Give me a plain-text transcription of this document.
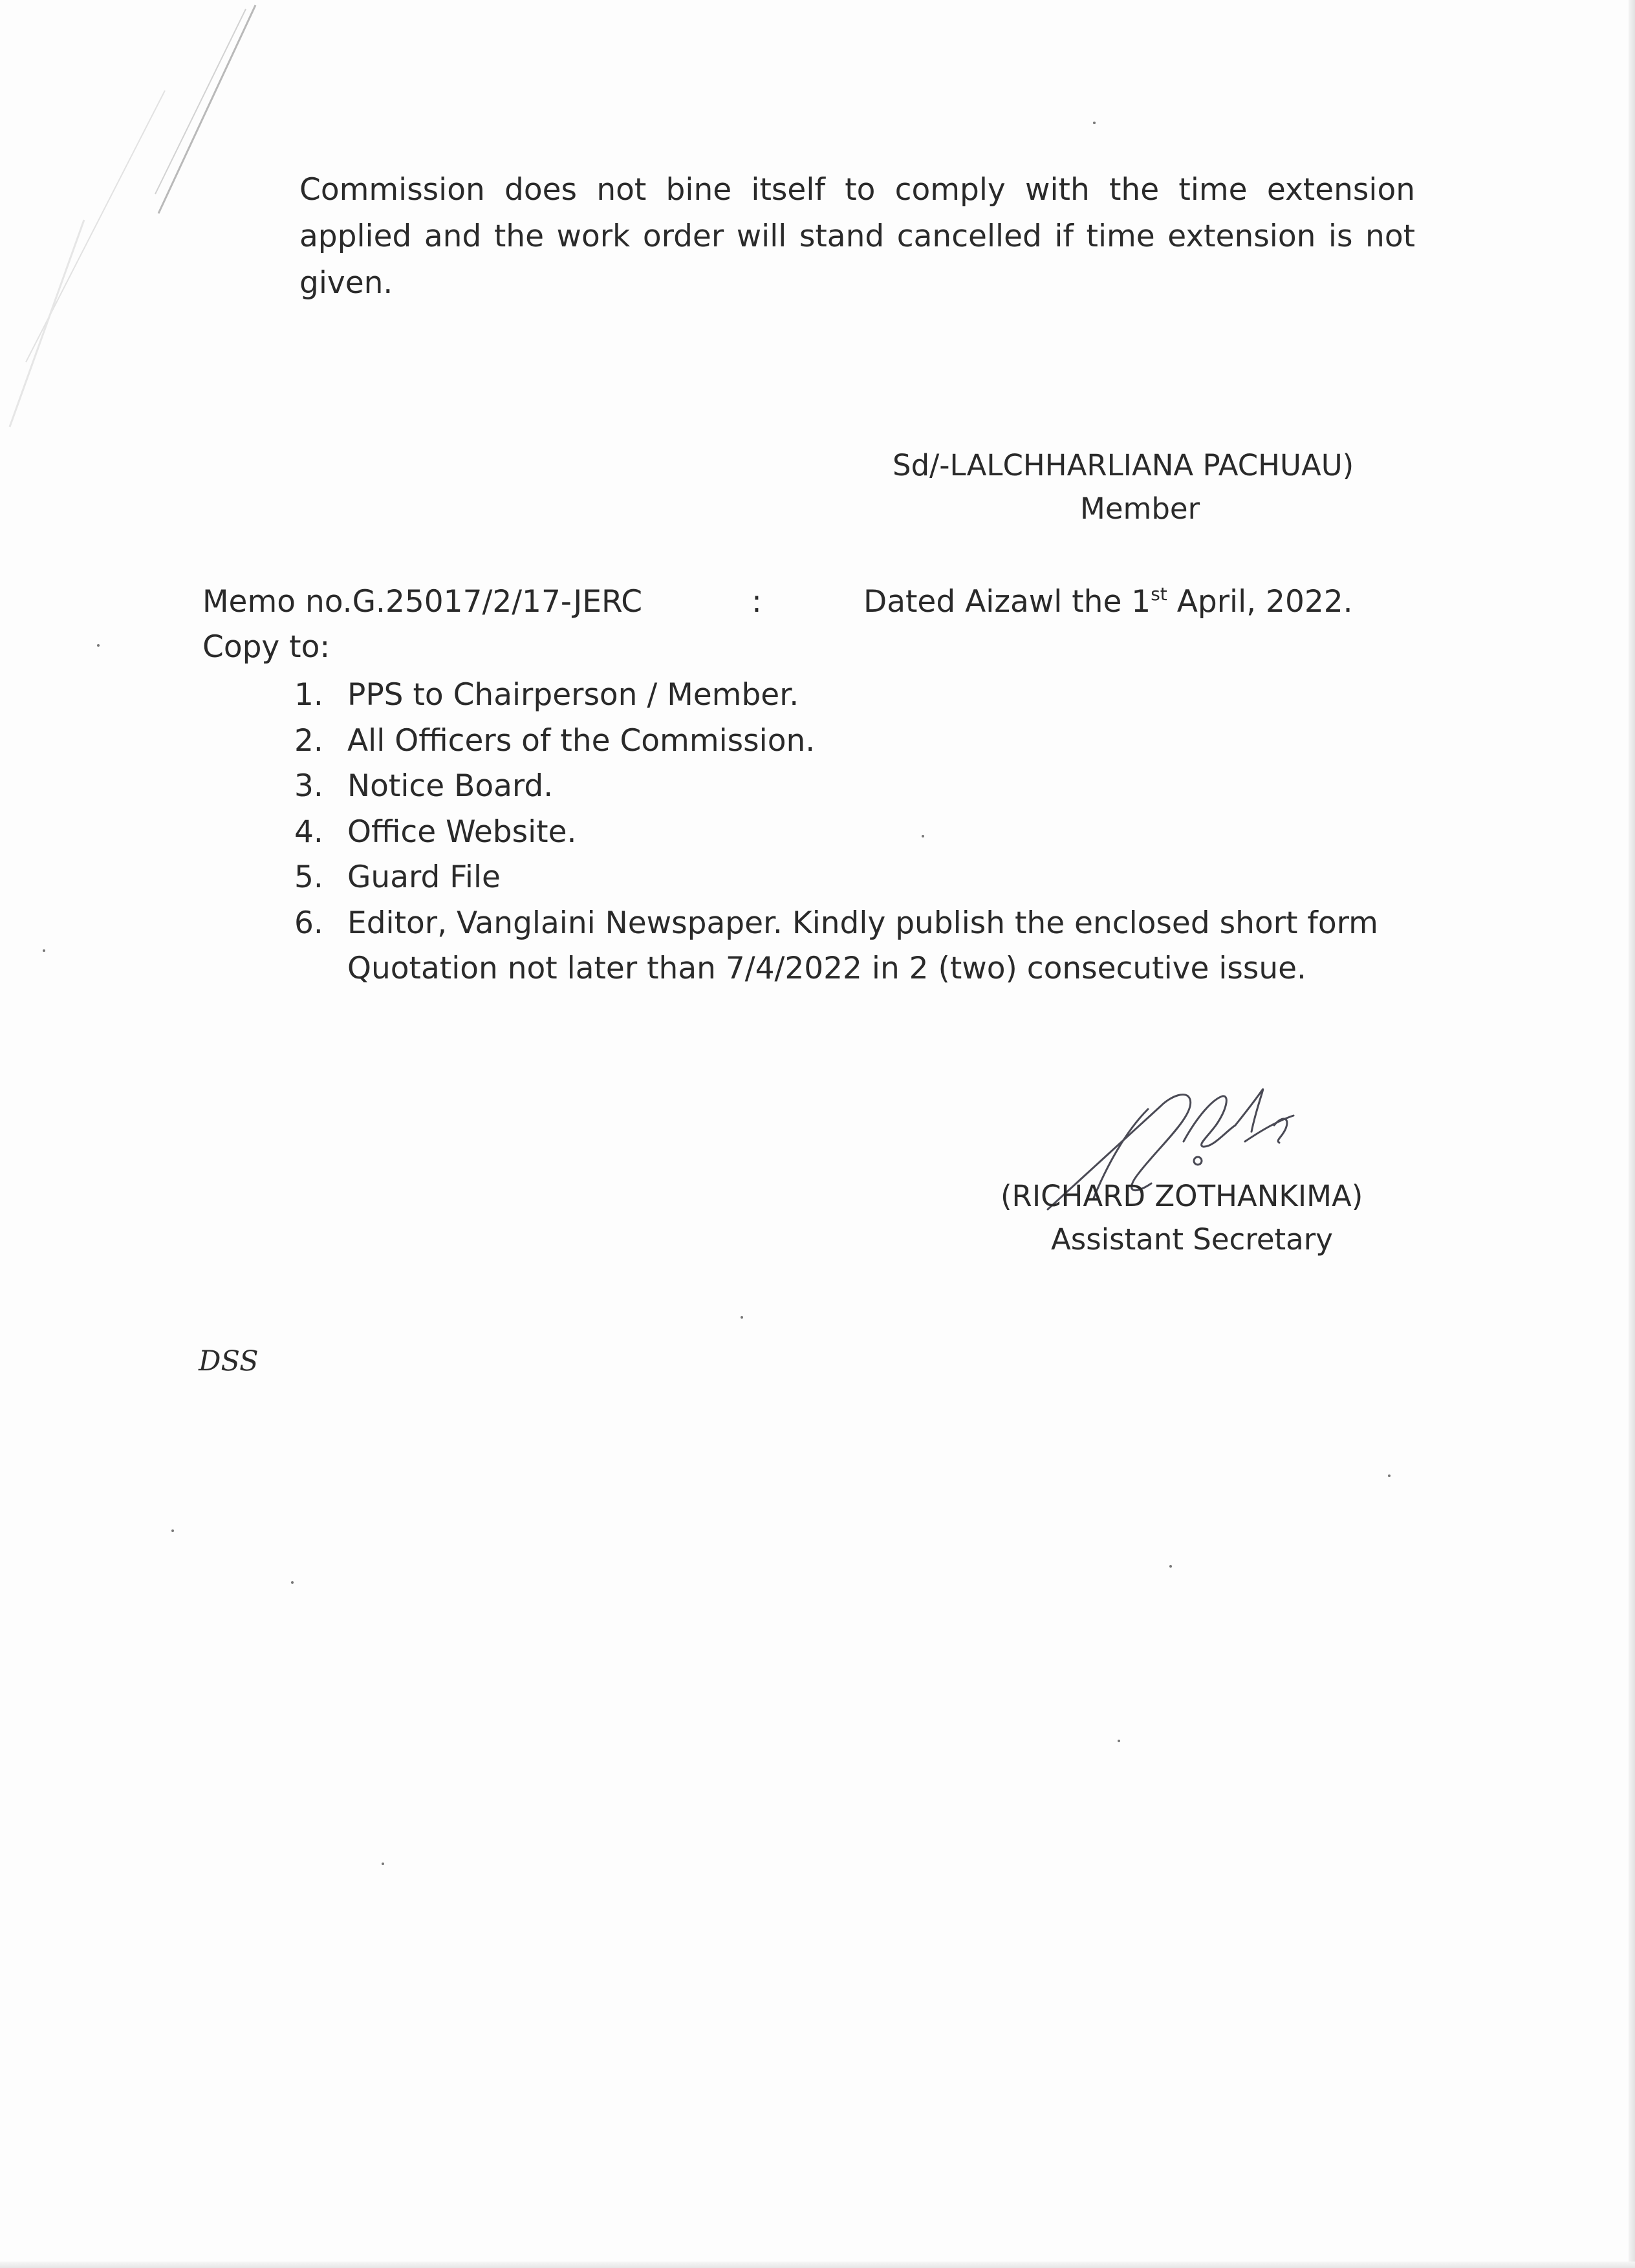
Commission does not bine itself to comply with the time extension applied and the work order will stand cancelled if time extension is not given.

Sd/-LALCHHARLIANA PACHUAU)
Member
Memo no.G.25017/2/17-JERC	:	Dated Aizawl the 1st April, 2022.
Copy to:
1. PPS to Chairperson / Member.
2. All Officers of the Commission.
3. Notice Board.
4. Office Website.
5. Guard File
6. Editor, Vanglaini Newspaper. Kindly publish the enclosed short form Quotation not later than 7/4/2022 in 2 (two) consecutive issue.
(RICHARD ZOTHANKIMA)
Assistant Secretary
DSS
